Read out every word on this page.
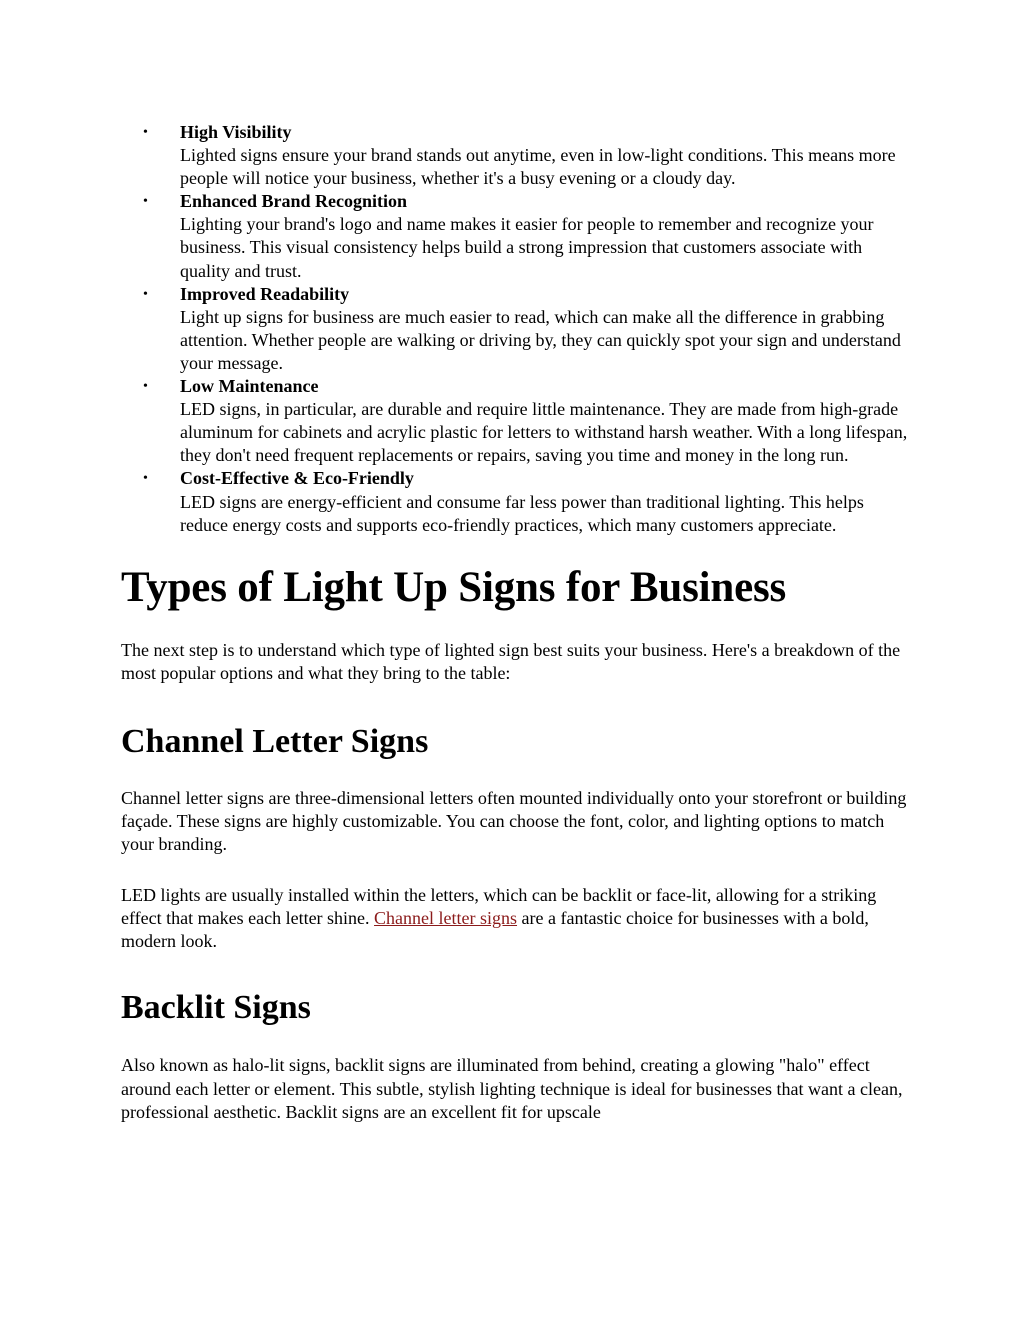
• High Visibility
Lighted signs ensure your brand stands out anytime, even in low-light conditions. This means more people will notice your business, whether it's a busy evening or a cloudy day.
• Enhanced Brand Recognition
Lighting your brand's logo and name makes it easier for people to remember and recognize your business. This visual consistency helps build a strong impression that customers associate with quality and trust.
• Improved Readability
Light up signs for business are much easier to read, which can make all the difference in grabbing attention. Whether people are walking or driving by, they can quickly spot your sign and understand your message.
• Low Maintenance
LED signs, in particular, are durable and require little maintenance. They are made from high-grade aluminum for cabinets and acrylic plastic for letters to withstand harsh weather. With a long lifespan, they don't need frequent replacements or repairs, saving you time and money in the long run.
• Cost-Effective & Eco-Friendly
LED signs are energy-efficient and consume far less power than traditional lighting. This helps reduce energy costs and supports eco-friendly practices, which many customers appreciate.
Types of Light Up Signs for Business

The next step is to understand which type of lighted sign best suits your business. Here's a breakdown of the most popular options and what they bring to the table:

Channel Letter Signs

Channel letter signs are three-dimensional letters often mounted individually onto your storefront or building façade. These signs are highly customizable. You can choose the font, color, and lighting options to match your branding.

LED lights are usually installed within the letters, which can be backlit or face-lit, allowing for a striking effect that makes each letter shine. Channel letter signs are a fantastic choice for businesses with a bold, modern look.

Backlit Signs

Also known as halo-lit signs, backlit signs are illuminated from behind, creating a glowing "halo" effect around each letter or element. This subtle, stylish lighting technique is ideal for businesses that want a clean, professional aesthetic. Backlit signs are an excellent fit for upscale
